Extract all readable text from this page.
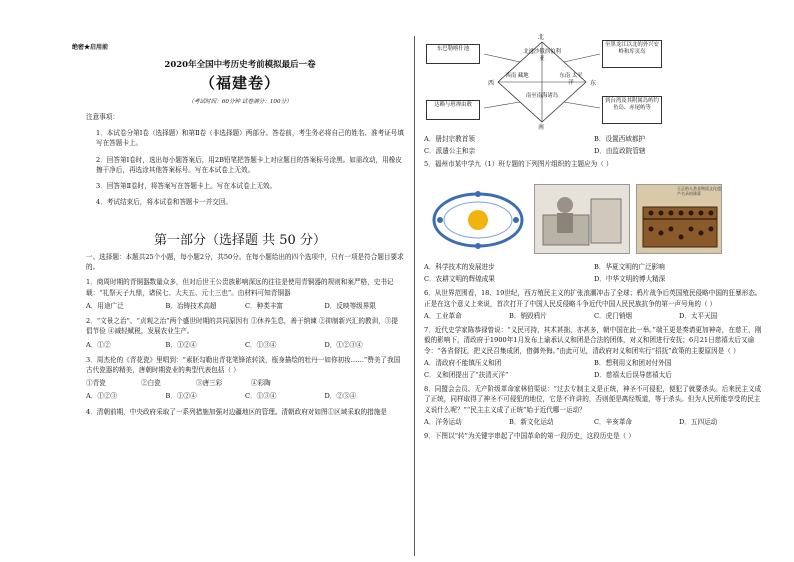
绝密★启用前
2020年全国中考历史考前模拟最后一卷
（福建卷）
（考试时间：60分钟 试卷满分：100分）
注意事项：
1．本试卷分第Ⅰ卷（选择题）和第Ⅱ卷（非选择题）两部分。答卷前，考生务必将自己的姓名、准考证号填写在答题卡上。
2．回答第Ⅰ卷时，选出每小题答案后，用2B铅笔把答题卡上对应题目的答案标号涂黑。如需改动，用橡皮擦干净后，再选涂其他答案标号。写在本试卷上无效。
3．回答第Ⅱ卷时，将答案写在答题卡上。写在本试卷上无效。
4．考试结束后，将本试卷和答题卡一并交回。
第一部分（选择题 共 50 分）
一、选择题：本题共25个小题，每小题2分，共50分。在每小题给出的四个选项中，只有一项是符合题目要求的。
1．商周时期的青铜器数量众多，但对后世王公贵族影响深远的往往是使用青铜器的规则和案严格，史书记载：“礼祭天子九鼎，诸侯七、大夫五、元士三也”。由材料可知青铜器
A．用途广泛	B．冶铸技术高超	C．种类丰富	D．反映等级界限
2．“文景之治”、“贞观之治”两个盛世时期的共同原因有 ①休养生息，善于纳谏 ②抑制新兴汇的教训，③提倡节俭 ④减轻赋税，发展农业生产。
A．①②	B．①②④	C．①③④	D．①②③④
3．周杰伦的《青花瓷》里唱到：“素胚勾勒出青花笔锋浓转淡，瓶身描绘的牡丹一如你初妆……”赞美了我国古代瓷器的精美，唐朝时期瓷业的典型代表包括（ ）
①青瓷	②白瓷	③唐三彩	④彩陶
A．①②③	B．①②④	C．①③④	D．②③④
4．清朝前期，中央政府采取了一系列措施加强对边疆地区的管理。清朝政府对如图①区域采取的措施是
东巴勒喀什池	北逃沙俄西伯利亚
至黑龙江以北的外兴安岭和库页岛
达赖与班禅由敕
南至南海诸岛
到台湾及其附属岛屿钓鱼岛、赤尾屿等
西南 藏地	东南 太平洋
北
南
西	东
A．册封宗教首领	B．设置西域都护
C．派遣公主和亲	D．由监政院管辖
5．福州市某中学九（1）班专题的下列图片组织的主题应为（ ）
王正的人类非物质文化遗产名录的珠算
A．科学技术的发展进步	B．华夏文明的广泛影响
C．农耕文明的辉煌成果	D．中华文明的博大精深
6．从世界范围看，18、19世纪，西方殖民主义的扩张浪潮冲击了全球；鸦片战争后英国殖民侵略中国的狂暴形态。正是在这个意义上来说，首次打开了中国人民反侵略斗争近代中国人民民族抗争的第一声号角的（ ）
A．工业革命	B．销毁鸦片	C．虎门销烟	D．太平天国
7．近代史学家陈恭禄曾说：“义民可持，其术甚拙，亦甚多，朝中国在此一举。”端王更是奏请更加神奇，在慈王，刚毅的影响下，清政府于1900年1月发布上谕承认义和团是合法的团体，对义和团进行安抚；6月21日慈禧太后又谕令：“各省督抚，把义民召集成团，借御外侮。”由此可见，清政府对义和团实行“招抚”政策的主要原因是（ ）
A．清政府不能镇压义和团	B．想利用义和团对付外国
C．义和团提出了“扶清灭洋”	D．慈禧太后误导慈禧太后
8．同盟会会员、无产阶级革命家林伯渠说：“过去专制主义是正统，神圣不可侵犯，便犯了就要杀头。后来民主义成了正统，同样取得了神圣不可侵犯的地位，它是不许讲的，否则便是离经叛道，等于杀头。但为人民所能享受的民主义说什么呢？”“民主主义成了正统”始于近代哪一运动？
A．洋务运动	B．新文化运动	C．辛亥革命	D．五四运动
9．下图以“转”为关键字串起了中国革命的第一段历史，这段历史是（ ）
